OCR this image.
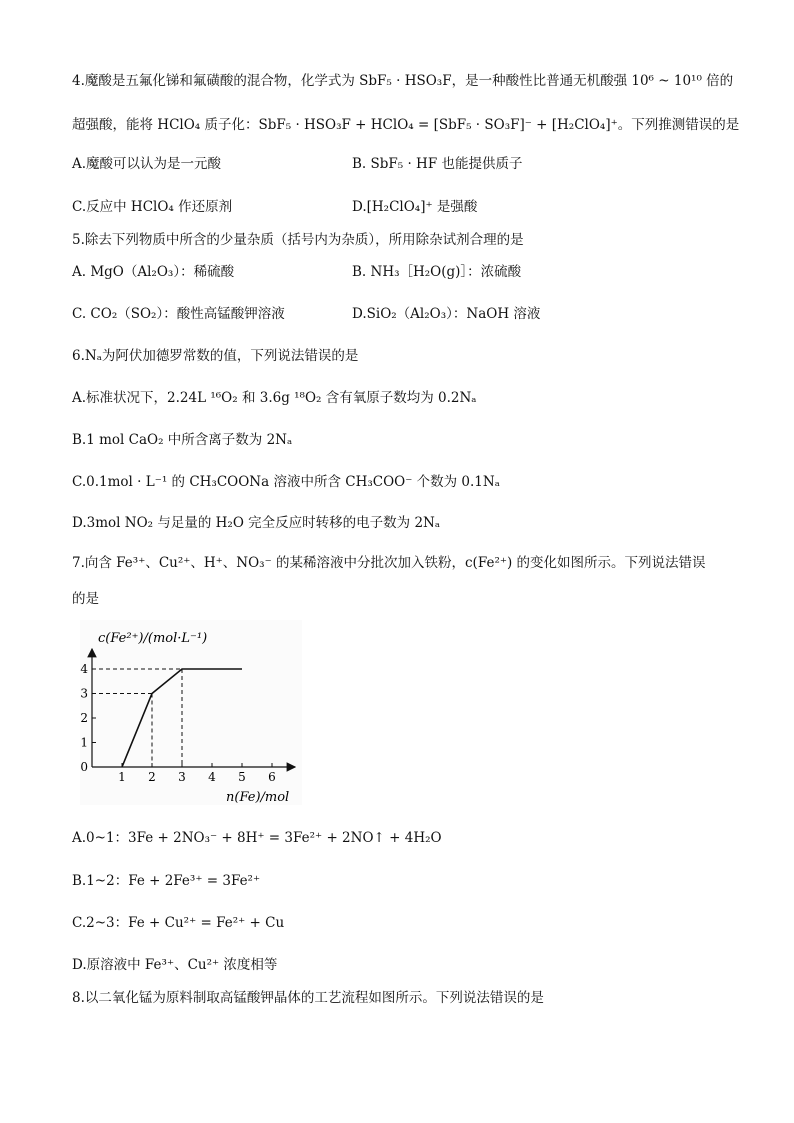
4.魔酸是五氟化锑和氟磺酸的混合物，化学式为 SbF₅ · HSO₃F，是一种酸性比普通无机酸强 10⁶ ~ 10¹⁰ 倍的
超强酸，能将 HClO₄ 质子化：SbF₅ · HSO₃F + HClO₄ = [SbF₅ · SO₃F]⁻ + [H₂ClO₄]⁺。下列推测错误的是
A.魔酸可以认为是一元酸	B. SbF₅ · HF 也能提供质子
C.反应中 HClO₄ 作还原剂	D.[H₂ClO₄]⁺ 是强酸
5.除去下列物质中所含的少量杂质（括号内为杂质），所用除杂试剂合理的是
A. MgO（Al₂O₃）：稀硫酸	B. NH₃［H₂O(g)］：浓硫酸
C. CO₂（SO₂）：酸性高锰酸钾溶液	D.SiO₂（Al₂O₃）：NaOH 溶液
6.Nₐ为阿伏加德罗常数的值，下列说法错误的是
A.标准状况下，2.24L ¹⁶O₂ 和 3.6g ¹⁸O₂ 含有氧原子数均为 0.2Nₐ
B.1 mol CaO₂ 中所含离子数为 2Nₐ
C.0.1mol · L⁻¹ 的 CH₃COONa 溶液中所含 CH₃COO⁻ 个数为 0.1Nₐ
D.3mol NO₂ 与足量的 H₂O 完全反应时转移的电子数为 2Nₐ
7.向含 Fe³⁺、Cu²⁺、H⁺、NO₃⁻ 的某稀溶液中分批次加入铁粉，c(Fe²⁺) 的变化如图所示。下列说法错误
的是
c(Fe²⁺)/(mol·L⁻¹)
n(Fe)/mol
1 2 3 4 5 6
0
1
2
3
4
A.0~1：3Fe + 2NO₃⁻ + 8H⁺ = 3Fe²⁺ + 2NO↑ + 4H₂O
B.1~2：Fe + 2Fe³⁺ = 3Fe²⁺
C.2~3：Fe + Cu²⁺ = Fe²⁺ + Cu
D.原溶液中 Fe³⁺、Cu²⁺ 浓度相等
8.以二氧化锰为原料制取高锰酸钾晶体的工艺流程如图所示。下列说法错误的是
